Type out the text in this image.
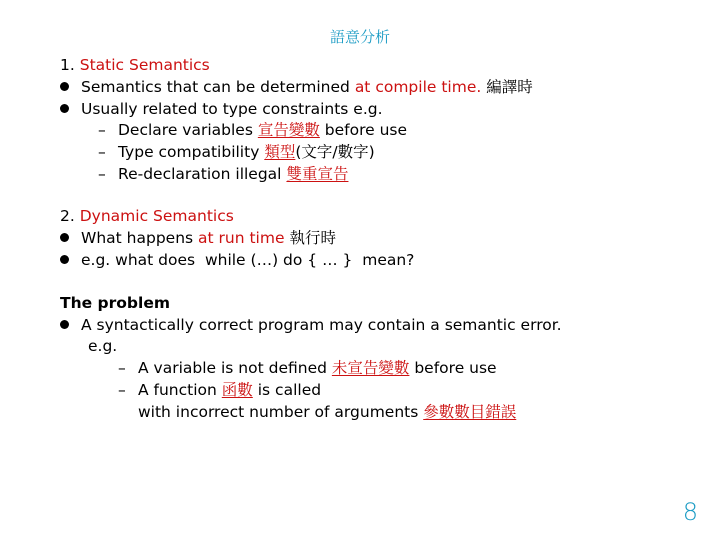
語意分析
1. Static Semantics
Semantics that can be determined at compile time. 編譯時
Usually related to type constraints e.g.
– Declare variables 宣告變數 before use
– Type compatibility 類型(文字/數字)
– Re-declaration illegal 雙重宣告
2. Dynamic Semantics
What happens at run time 執行時
e.g. what does  while (…) do { … }  mean?
The problem
A syntactically correct program may contain a semantic error.
e.g.
– A variable is not defined 未宣告變數 before use
– A function 函數 is called
with incorrect number of arguments 參數數目錯誤
8
